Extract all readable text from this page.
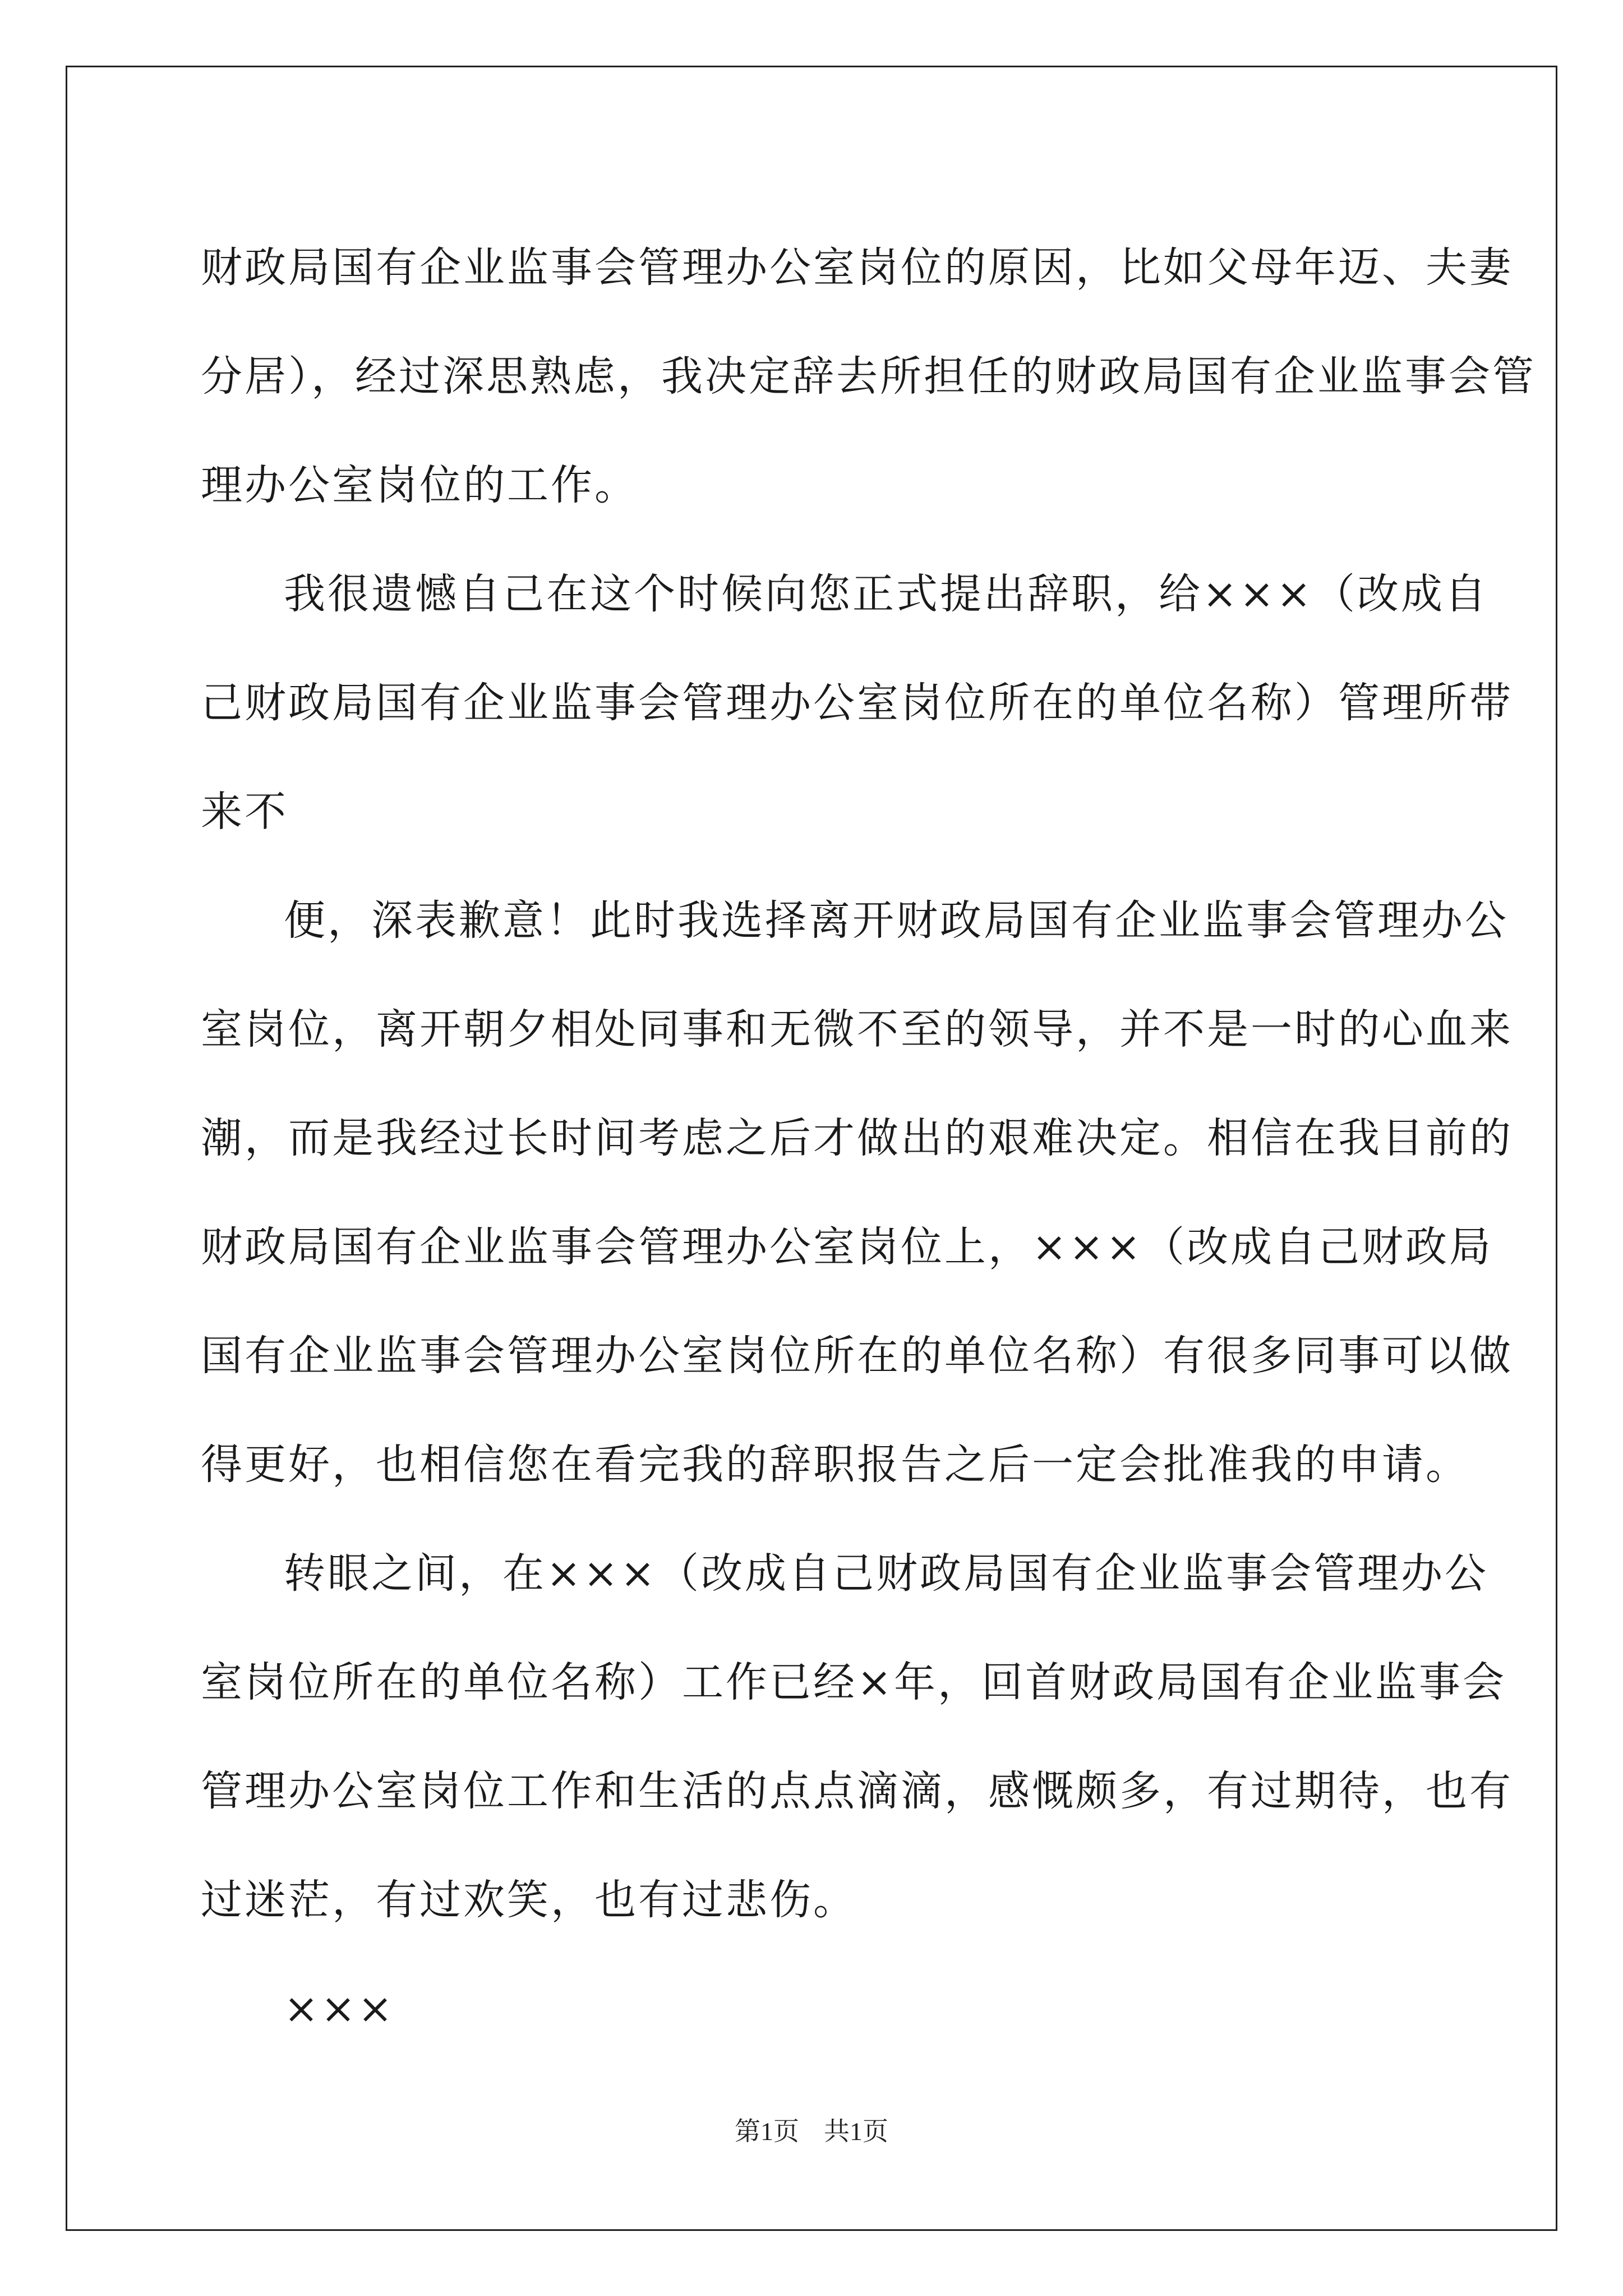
财政局国有企业监事会管理办公室岗位的原因，比如父母年迈、夫妻
分居），经过深思熟虑，我决定辞去所担任的财政局国有企业监事会管
理办公室岗位的工作。
我很遗憾自己在这个时候向您正式提出辞职，给×××（改成自
己财政局国有企业监事会管理办公室岗位所在的单位名称）管理所带
来不
便，深表歉意！此时我选择离开财政局国有企业监事会管理办公
室岗位，离开朝夕相处同事和无微不至的领导，并不是一时的心血来
潮，而是我经过长时间考虑之后才做出的艰难决定。相信在我目前的
财政局国有企业监事会管理办公室岗位上，×××（改成自己财政局
国有企业监事会管理办公室岗位所在的单位名称）有很多同事可以做
得更好，也相信您在看完我的辞职报告之后一定会批准我的申请。
转眼之间，在×××（改成自己财政局国有企业监事会管理办公
室岗位所在的单位名称）工作已经×年，回首财政局国有企业监事会
管理办公室岗位工作和生活的点点滴滴，感慨颇多，有过期待，也有
过迷茫，有过欢笑，也有过悲伤。
×××
第1页 共1页
